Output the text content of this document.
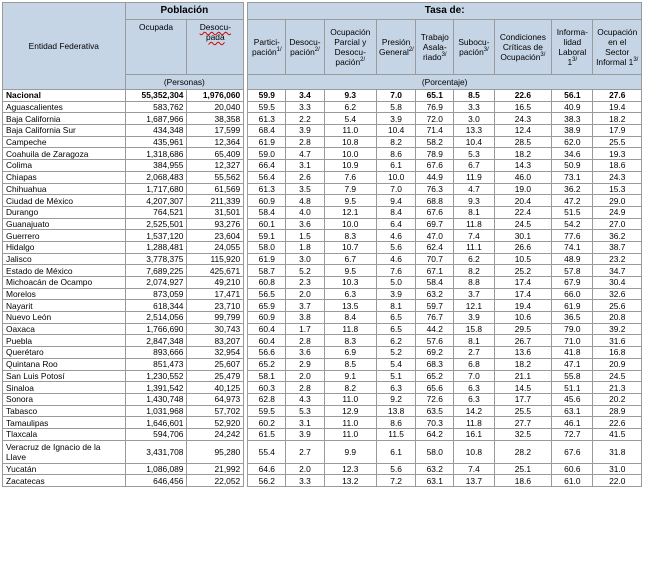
Entidad Federativa	Población			Tasa de:								

	Ocupada	Desocu-pada		Partici-pación$^{1/}$	Desocu-pación$^{2/}$	Ocupación Parcial y Desocu-pación$^{2/}$	Presión General$^{2/}$	Trabajo Asala-riado$^{3/}$	Subocu-pación$^{3/}$	Condiciones Críticas de Ocupación$^{3/}$	Informa-lidad Laboral $1^{3/}$	Ocupación en el Sector Informal $1^{3/}$
	(Personas)			(Porcentaje)								
Nacional	55,352,304	1,976,060		59.9	3.4	9.3	7.0	65.1	8.5	22.6	56.1	27.6
Aguascalientes	583,762	20,040		59.5	3.3	6.2	5.8	76.9	3.3	16.5	40.9	19.4
Baja California	1,687,966	38,358		61.3	2.2	5.4	3.9	72.0	3.0	24.3	38.3	18.2
Baja California Sur	434,348	17,599		68.4	3.9	11.0	10.4	71.4	13.3	12.4	38.9	17.9
Campeche	435,961	12,364		61.9	2.8	10.8	8.2	58.2	10.4	28.5	62.0	25.5
Coahuila de Zaragoza	1,318,686	65,409		59.0	4.7	10.0	8.6	78.9	5.3	18.2	34.6	19.3
Colima	384,955	12,327		66.4	3.1	10.9	6.1	67.6	6.7	14.3	50.9	18.6
Chiapas	2,068,483	55,562		56.4	2.6	7.6	10.0	44.9	11.9	46.0	73.1	24.3
Chihuahua	1,717,680	61,569		61.3	3.5	7.9	7.0	76.3	4.7	19.0	36.2	15.3
Ciudad de México	4,207,307	211,339		60.9	4.8	9.5	9.4	68.8	9.3	20.4	47.2	29.0
Durango	764,521	31,501		58.4	4.0	12.1	8.4	67.6	8.1	22.4	51.5	24.9
Guanajuato	2,525,501	93,276		60.1	3.6	10.0	6.4	69.7	11.8	24.5	54.2	27.0
Guerrero	1,537,120	23,604		59.1	1.5	8.3	4.6	47.0	7.4	30.1	77.6	36.2
Hidalgo	1,288,481	24,055		58.0	1.8	10.7	5.6	62.4	11.1	26.6	74.1	38.7
Jalisco	3,778,375	115,920		61.9	3.0	6.7	4.6	70.7	6.2	10.5	48.9	23.2
Estado de México	7,689,225	425,671		58.7	5.2	9.5	7.6	67.1	8.2	25.2	57.8	34.7
Michoacán de Ocampo	2,074,927	49,210		60.8	2.3	10.3	5.0	58.4	8.8	17.4	67.9	30.4
Morelos	873,059	17,471		56.5	2.0	6.3	3.9	63.2	3.7	17.4	66.0	32.6
Nayarit	618,344	23,710		65.9	3.7	13.5	8.1	59.7	12.1	19.4	61.9	25.6
Nuevo León	2,514,056	99,799		60.9	3.8	8.4	6.5	76.7	3.9	10.6	36.5	20.8
Oaxaca	1,766,690	30,743		60.4	1.7	11.8	6.5	44.2	15.8	29.5	79.0	39.2
Puebla	2,847,348	83,207		60.4	2.8	8.3	6.2	57.6	8.1	26.7	71.0	31.6
Querétaro	893,666	32,954		56.6	3.6	6.9	5.2	69.2	2.7	13.6	41.8	16.8
Quintana Roo	851,473	25,607		65.2	2.9	8.5	5.4	68.3	6.8	18.2	47.1	20.9
San Luis Potosí	1,230,552	25,479		58.1	2.0	9.1	5.1	65.2	7.0	21.1	55.8	24.5
Sinaloa	1,391,542	40,125		60.3	2.8	8.2	6.3	65.6	6.3	14.5	51.1	21.3
Sonora	1,430,748	64,973		62.8	4.3	11.0	9.2	72.6	6.3	17.7	45.6	20.2
Tabasco	1,031,968	57,702		59.5	5.3	12.9	13.8	63.5	14.2	25.5	63.1	28.9
Tamaulipas	1,646,601	52,920		60.2	3.1	11.0	8.6	70.3	11.8	27.7	46.1	22.6
Tlaxcala	594,706	24,242		61.5	3.9	11.0	11.5	64.2	16.1	32.5	72.7	41.5
Veracruz de Ignacio de la Llave	3,431,708	95,280		55.4	2.7	9.9	6.1	58.0	10.8	28.2	67.6	31.8
Yucatán	1,086,089	21,992		64.6	2.0	12.3	5.6	63.2	7.4	25.1	60.6	31.0
Zacatecas	646,456	22,052		56.2	3.3	13.2	7.2	63.1	13.7	18.6	61.0	22.0
